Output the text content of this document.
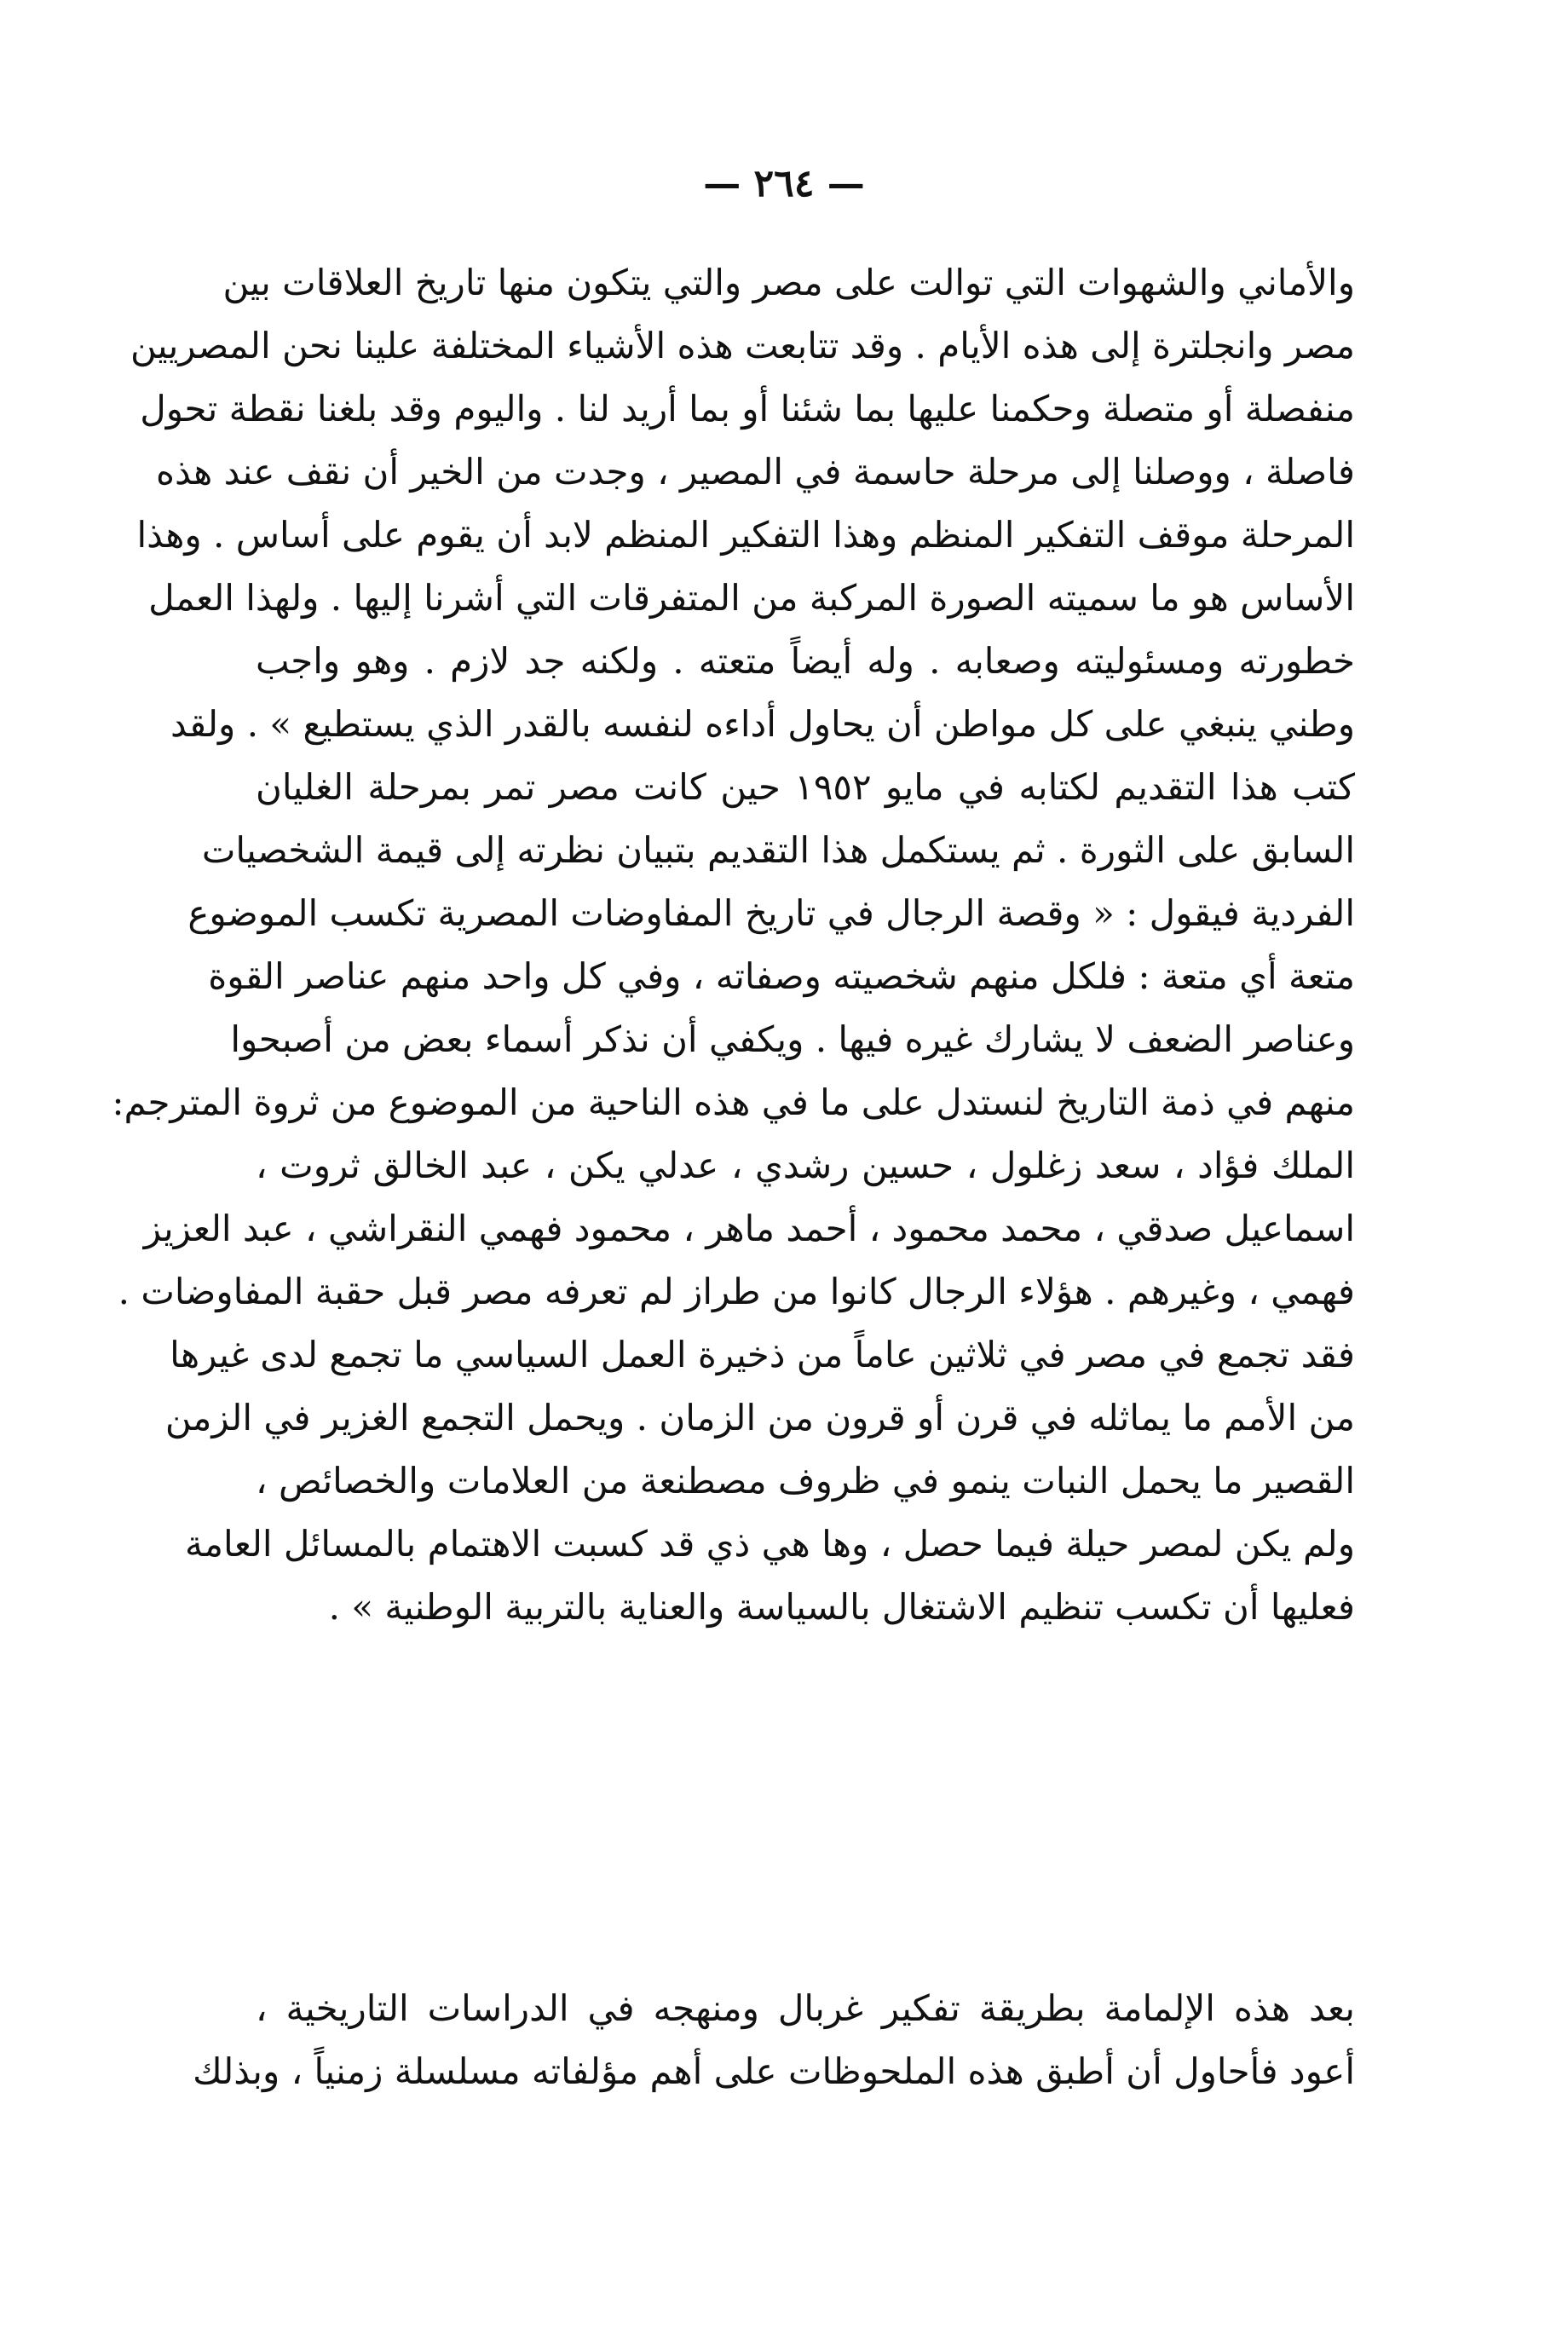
— ٢٦٤ —
والأماني والشهوات التي توالت على مصر والتي يتكون منها تاريخ العلاقات بين
مصر وانجلترة إلى هذه الأيام . وقد تتابعت هذه الأشياء المختلفة علينا نحن المصريين
منفصلة أو متصلة وحكمنا عليها بما شئنا أو بما أريد لنا . واليوم وقد بلغنا نقطة تحول
فاصلة ، ووصلنا إلى مرحلة حاسمة في المصير ، وجدت من الخير أن نقف عند هذه
المرحلة موقف التفكير المنظم وهذا التفكير المنظم لابد أن يقوم على أساس . وهذا
الأساس هو ما سميته الصورة المركبة من المتفرقات التي أشرنا إليها . ولهذا العمل
خطورته ومسئوليته وصعابه . وله أيضاً متعته . ولكنه جد لازم . وهو واجب
وطني ينبغي على كل مواطن أن يحاول أداءه لنفسه بالقدر الذي يستطيع » . ولقد
كتب هذا التقديم لكتابه في مايو ١٩٥٢ حين كانت مصر تمر بمرحلة الغليان
السابق على الثورة . ثم يستكمل هذا التقديم بتبيان نظرته إلى قيمة الشخصيات
الفردية فيقول : « وقصة الرجال في تاريخ المفاوضات المصرية تكسب الموضوع
متعة أي متعة : فلكل منهم شخصيته وصفاته ، وفي كل واحد منهم عناصر القوة
وعناصر الضعف لا يشارك غيره فيها . ويكفي أن نذكر أسماء بعض من أصبحوا
منهم في ذمة التاريخ لنستدل على ما في هذه الناحية من الموضوع من ثروة المترجم:
الملك فؤاد ، سعد زغلول ، حسين رشدي ، عدلي يكن ، عبد الخالق ثروت ،
اسماعيل صدقي ، محمد محمود ، أحمد ماهر ، محمود فهمي النقراشي ، عبد العزيز
فهمي ، وغيرهم . هؤلاء الرجال كانوا من طراز لم تعرفه مصر قبل حقبة المفاوضات .
فقد تجمع في مصر في ثلاثين عاماً من ذخيرة العمل السياسي ما تجمع لدى غيرها
من الأمم ما يماثله في قرن أو قرون من الزمان . ويحمل التجمع الغزير في الزمن
القصير ما يحمل النبات ينمو في ظروف مصطنعة من العلامات والخصائص ،
ولم يكن لمصر حيلة فيما حصل ، وها هي ذي قد كسبت الاهتمام بالمسائل العامة
فعليها أن تكسب تنظيم الاشتغال بالسياسة والعناية بالتربية الوطنية » .
بعد هذه الإلمامة بطريقة تفكير غربال ومنهجه في الدراسات التاريخية ،
أعود فأحاول أن أطبق هذه الملحوظات على أهم مؤلفاته مسلسلة زمنياً ، وبذلك
